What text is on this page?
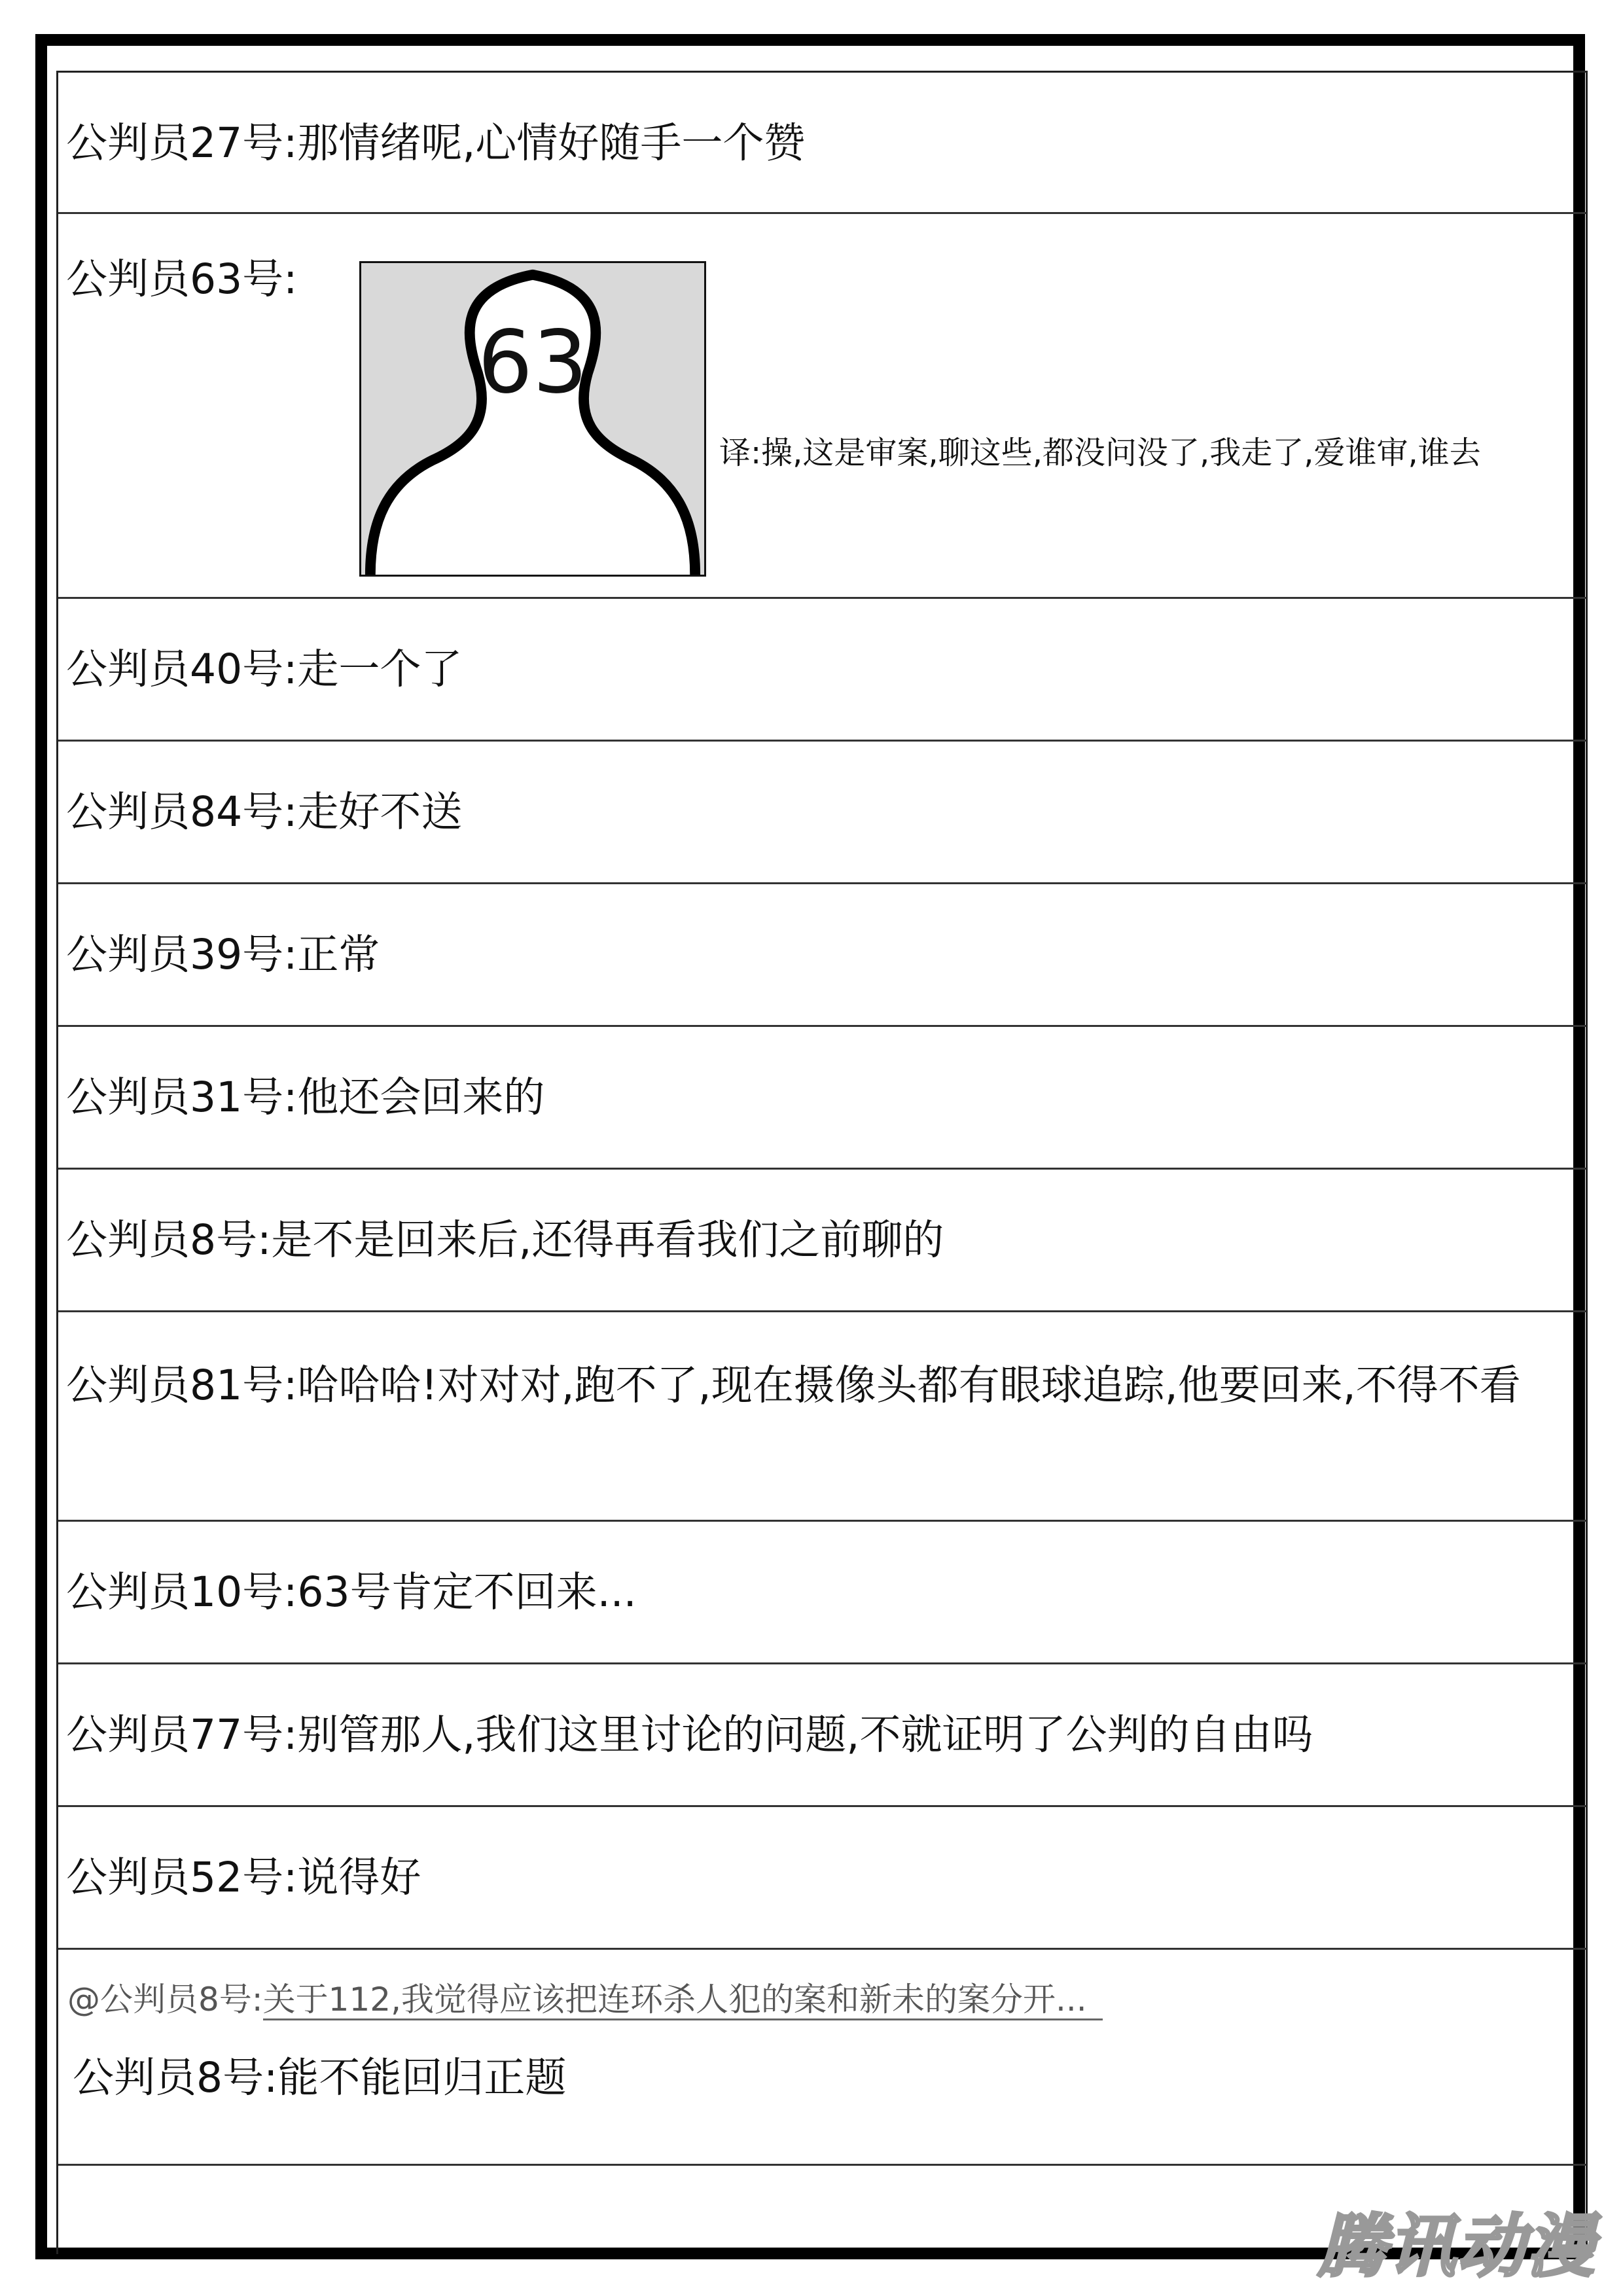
公判员27号:那情绪呢,心情好随手一个赞
公判员63号:
63
译:操,这是审案,聊这些,都没问没了,我走了,爱谁审,谁去
公判员40号:走一个了
公判员84号:走好不送
公判员39号:正常
公判员31号:他还会回来的
公判员8号:是不是回来后,还得再看我们之前聊的
公判员81号:哈哈哈!对对对,跑不了,现在摄像头都有眼球追踪,他要回来,不得不看
公判员10号:63号肯定不回来...
公判员77号:别管那人,我们这里讨论的问题,不就证明了公判的自由吗
公判员52号:说得好
@公判员8号:关于112,我觉得应该把连环杀人犯的案和新未的案分开...
公判员8号:能不能回归正题
腾讯动漫
